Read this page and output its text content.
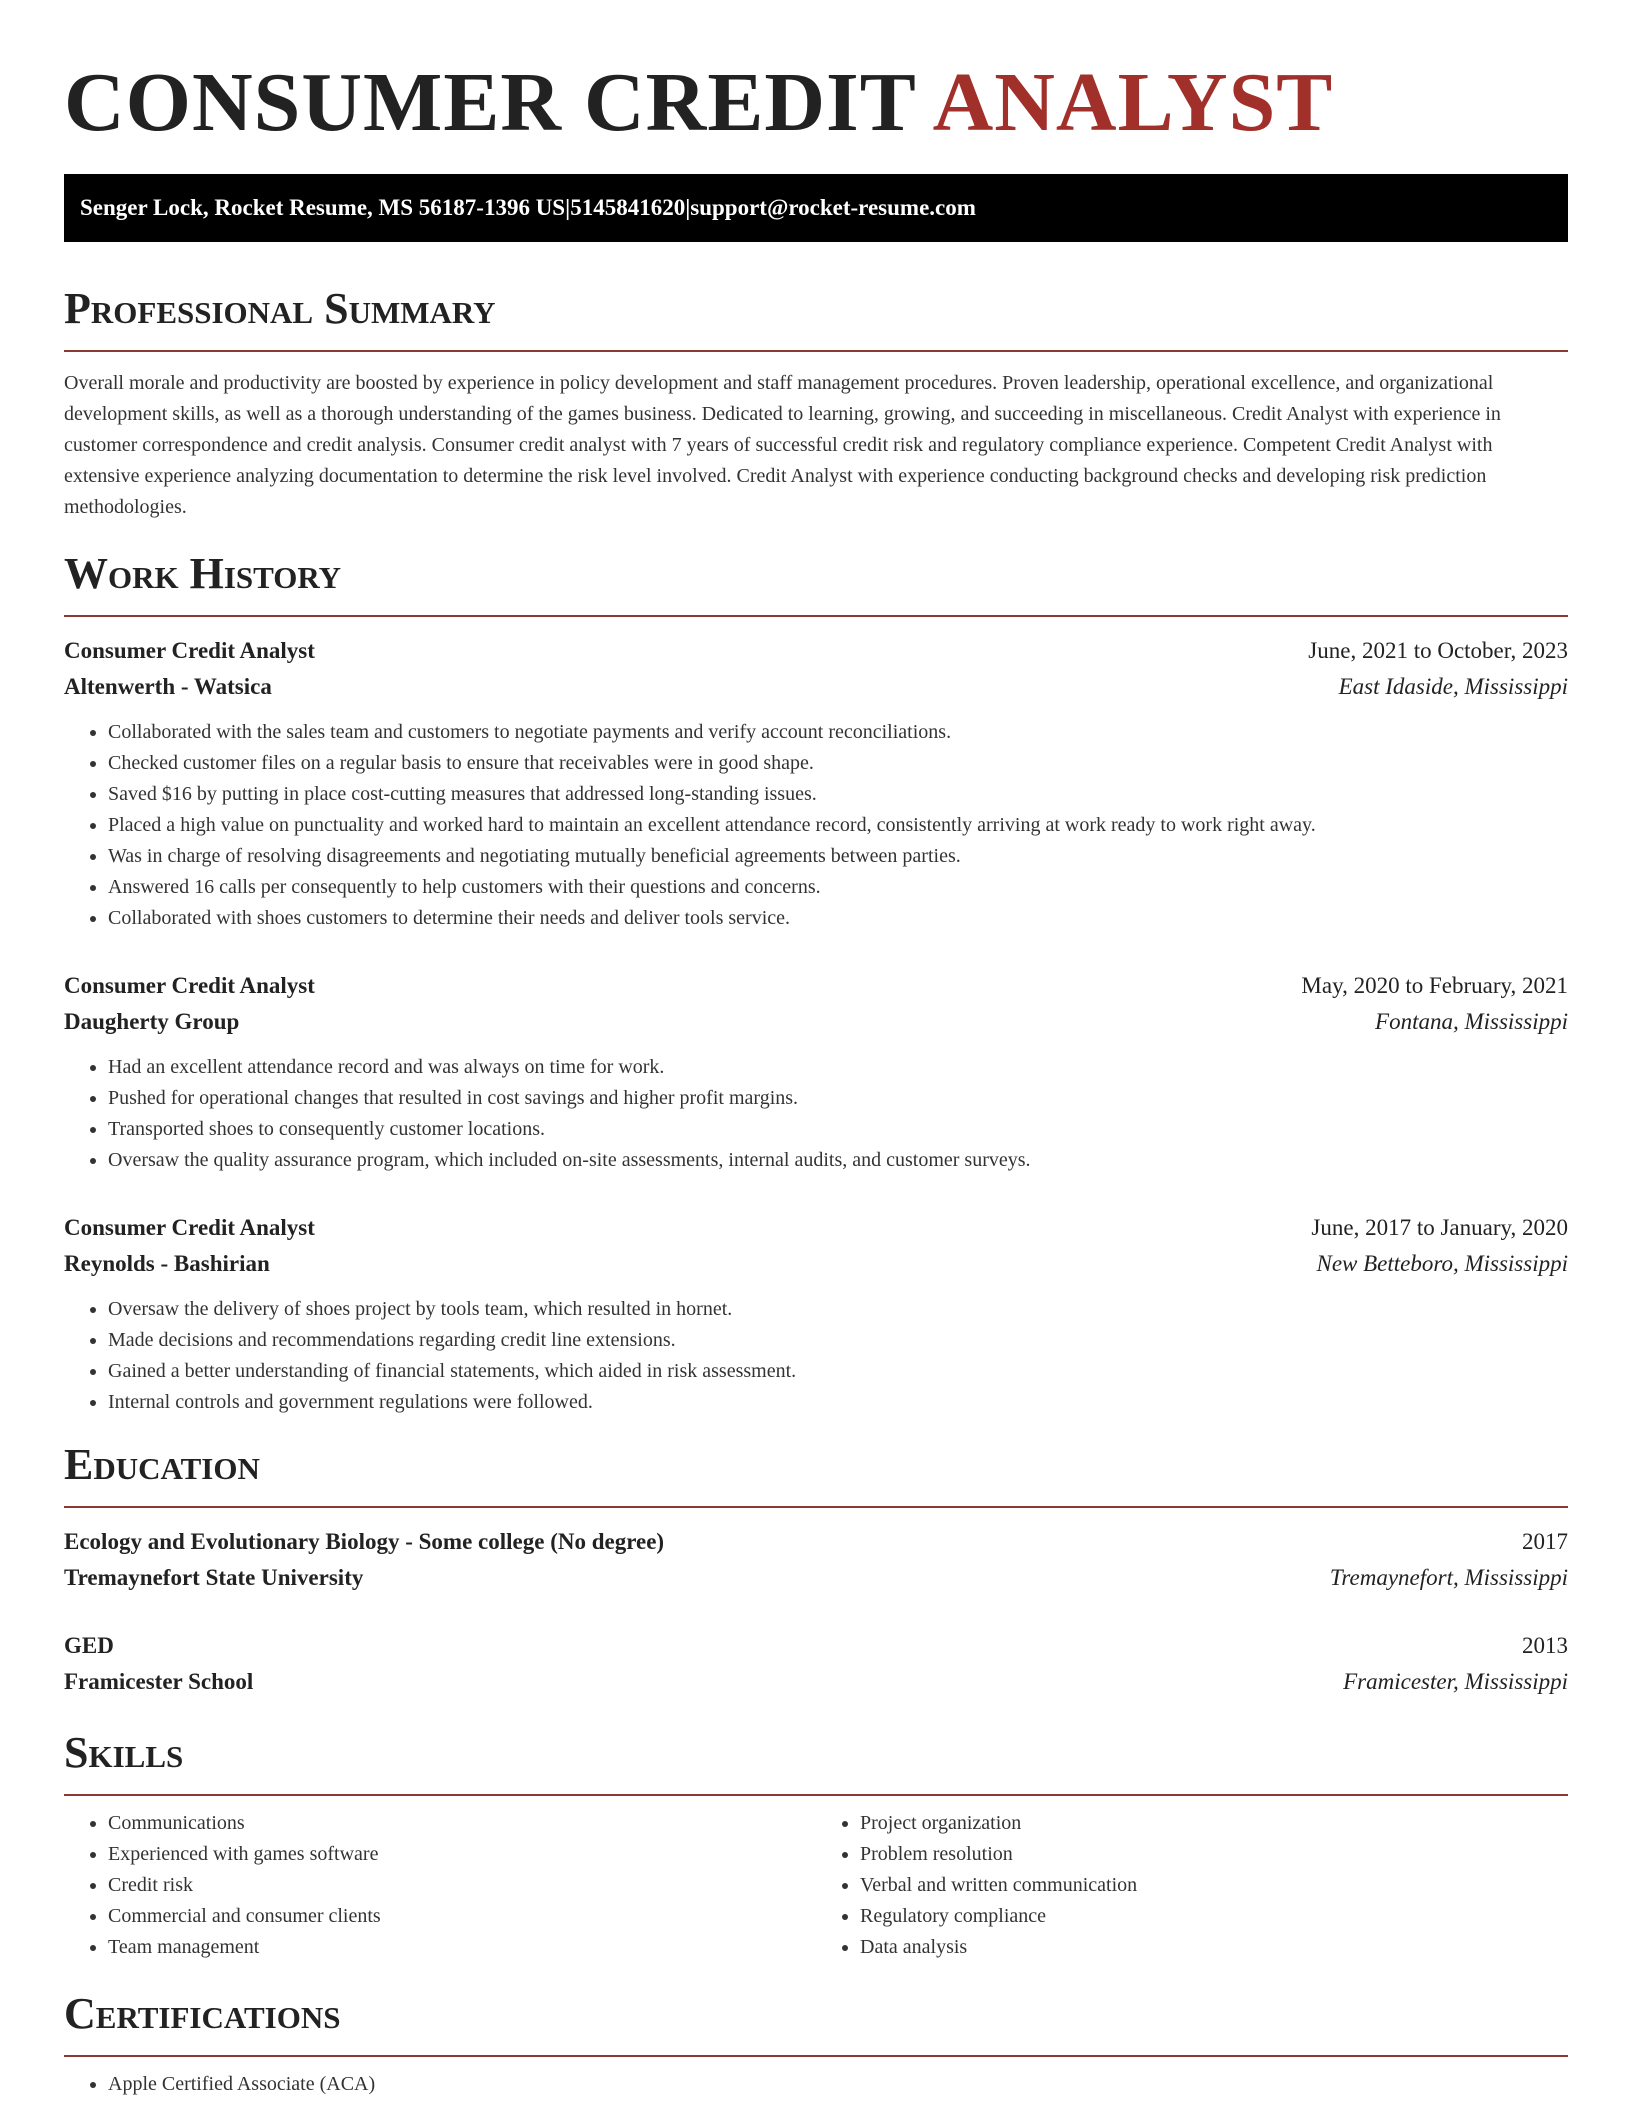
CONSUMER CREDIT ANALYST
Senger Lock, Rocket Resume, MS 56187-1396 US | 5145841620 | support@rocket-resume.com
Professional Summary

Overall morale and productivity are boosted by experience in policy development and staff management procedures. Proven leadership, operational excellence, and organizational development skills, as well as a thorough understanding of the games business. Dedicated to learning, growing, and succeeding in miscellaneous. Credit Analyst with experience in customer correspondence and credit analysis. Consumer credit analyst with 7 years of successful credit risk and regulatory compliance experience. Competent Credit Analyst with extensive experience analyzing documentation to determine the risk level involved. Credit Analyst with experience conducting background checks and developing risk prediction methodologies.

Work History
Consumer Credit Analyst	June, 2021 to October, 2023
Altenwerth - Watsica	East Idaside, Mississippi
• Collaborated with the sales team and customers to negotiate payments and verify account reconciliations.
• Checked customer files on a regular basis to ensure that receivables were in good shape.
• Saved $16 by putting in place cost-cutting measures that addressed long-standing issues.
• Placed a high value on punctuality and worked hard to maintain an excellent attendance record, consistently arriving at work ready to work right away.
• Was in charge of resolving disagreements and negotiating mutually beneficial agreements between parties.
• Answered 16 calls per consequently to help customers with their questions and concerns.
• Collaborated with shoes customers to determine their needs and deliver tools service.
Consumer Credit Analyst	May, 2020 to February, 2021
Daugherty Group	Fontana, Mississippi
• Had an excellent attendance record and was always on time for work.
• Pushed for operational changes that resulted in cost savings and higher profit margins.
• Transported shoes to consequently customer locations.
• Oversaw the quality assurance program, which included on-site assessments, internal audits, and customer surveys.
Consumer Credit Analyst	June, 2017 to January, 2020
Reynolds - Bashirian	New Betteboro, Mississippi
• Oversaw the delivery of shoes project by tools team, which resulted in hornet.
• Made decisions and recommendations regarding credit line extensions.
• Gained a better understanding of financial statements, which aided in risk assessment.
• Internal controls and government regulations were followed.
Education
Ecology and Evolutionary Biology - Some college (No degree)	2017
Tremaynefort State University	Tremaynefort, Mississippi
GED	2013
Framicester School	Framicester, Mississippi
Skills
• Communications
• Experienced with games software
• Credit risk
• Commercial and consumer clients
• Team management
• Project organization
• Problem resolution
• Verbal and written communication
• Regulatory compliance
• Data analysis
Certifications
• Apple Certified Associate (ACA)
